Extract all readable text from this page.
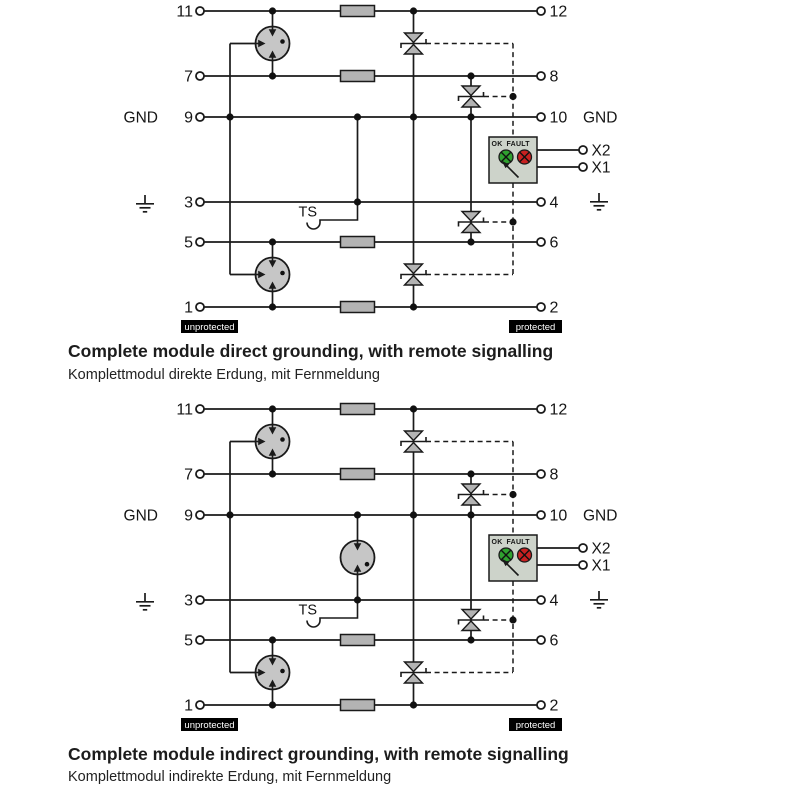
11
7
9
3
5
1
12
8
10
4
6
2
GND	GND
TS
OK FAULT	X2
X1
unprotected	protected
Complete module direct grounding, with remote signalling
Komplettmodul direkte Erdung, mit Fernmeldung
11
7
9
3
5
1
12
8
10
4
6
2
GND	GND
TS
OK FAULT	X2
X1
unprotected	protected
Complete module indirect grounding, with remote signalling
Komplettmodul indirekte Erdung, mit Fernmeldung
